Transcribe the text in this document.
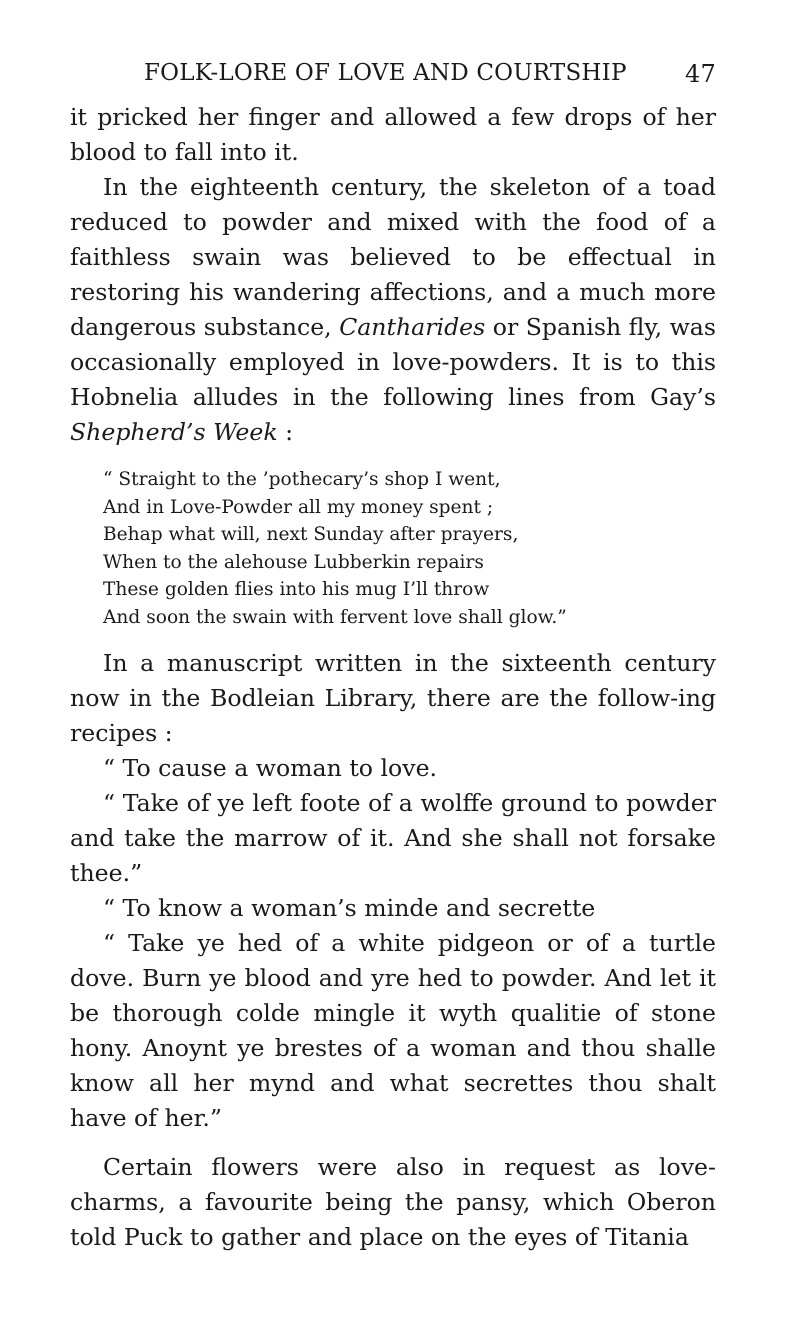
FOLK-LORE OF LOVE AND COURTSHIP 47

it pricked her finger and allowed a few drops of her blood to fall into it.

In the eighteenth century, the skeleton of a toad reduced to powder and mixed with the food of a faithless swain was believed to be effectual in restoring his wandering affections, and a much more dangerous substance, Cantharides or Spanish fly, was occasionally employed in love-powders. It is to this Hobnelia alludes in the following lines from Gay’s Shepherd’s Week :

“ Straight to the ’pothecary’s shop I went,
And in Love-Powder all my money spent ;
Behap what will, next Sunday after prayers,
When to the alehouse Lubberkin repairs
These golden flies into his mug I’ll throw
And soon the swain with fervent love shall glow.”

In a manuscript written in the sixteenth century now in the Bodleian Library, there are the follow-ing recipes :

“ To cause a woman to love.

“ Take of ye left foote of a wolffe ground to powder and take the marrow of it. And she shall not forsake thee.”

“ To know a woman’s minde and secrette

“ Take ye hed of a white pidgeon or of a turtle dove. Burn ye blood and yre hed to powder. And let it be thorough colde mingle it wyth qualitie of stone hony. Anoynt ye brestes of a woman and thou shalle know all her mynd and what secrettes thou shalt have of her.”

Certain flowers were also in request as love-charms, a favourite being the pansy, which Oberon told Puck to gather and place on the eyes of Titania
